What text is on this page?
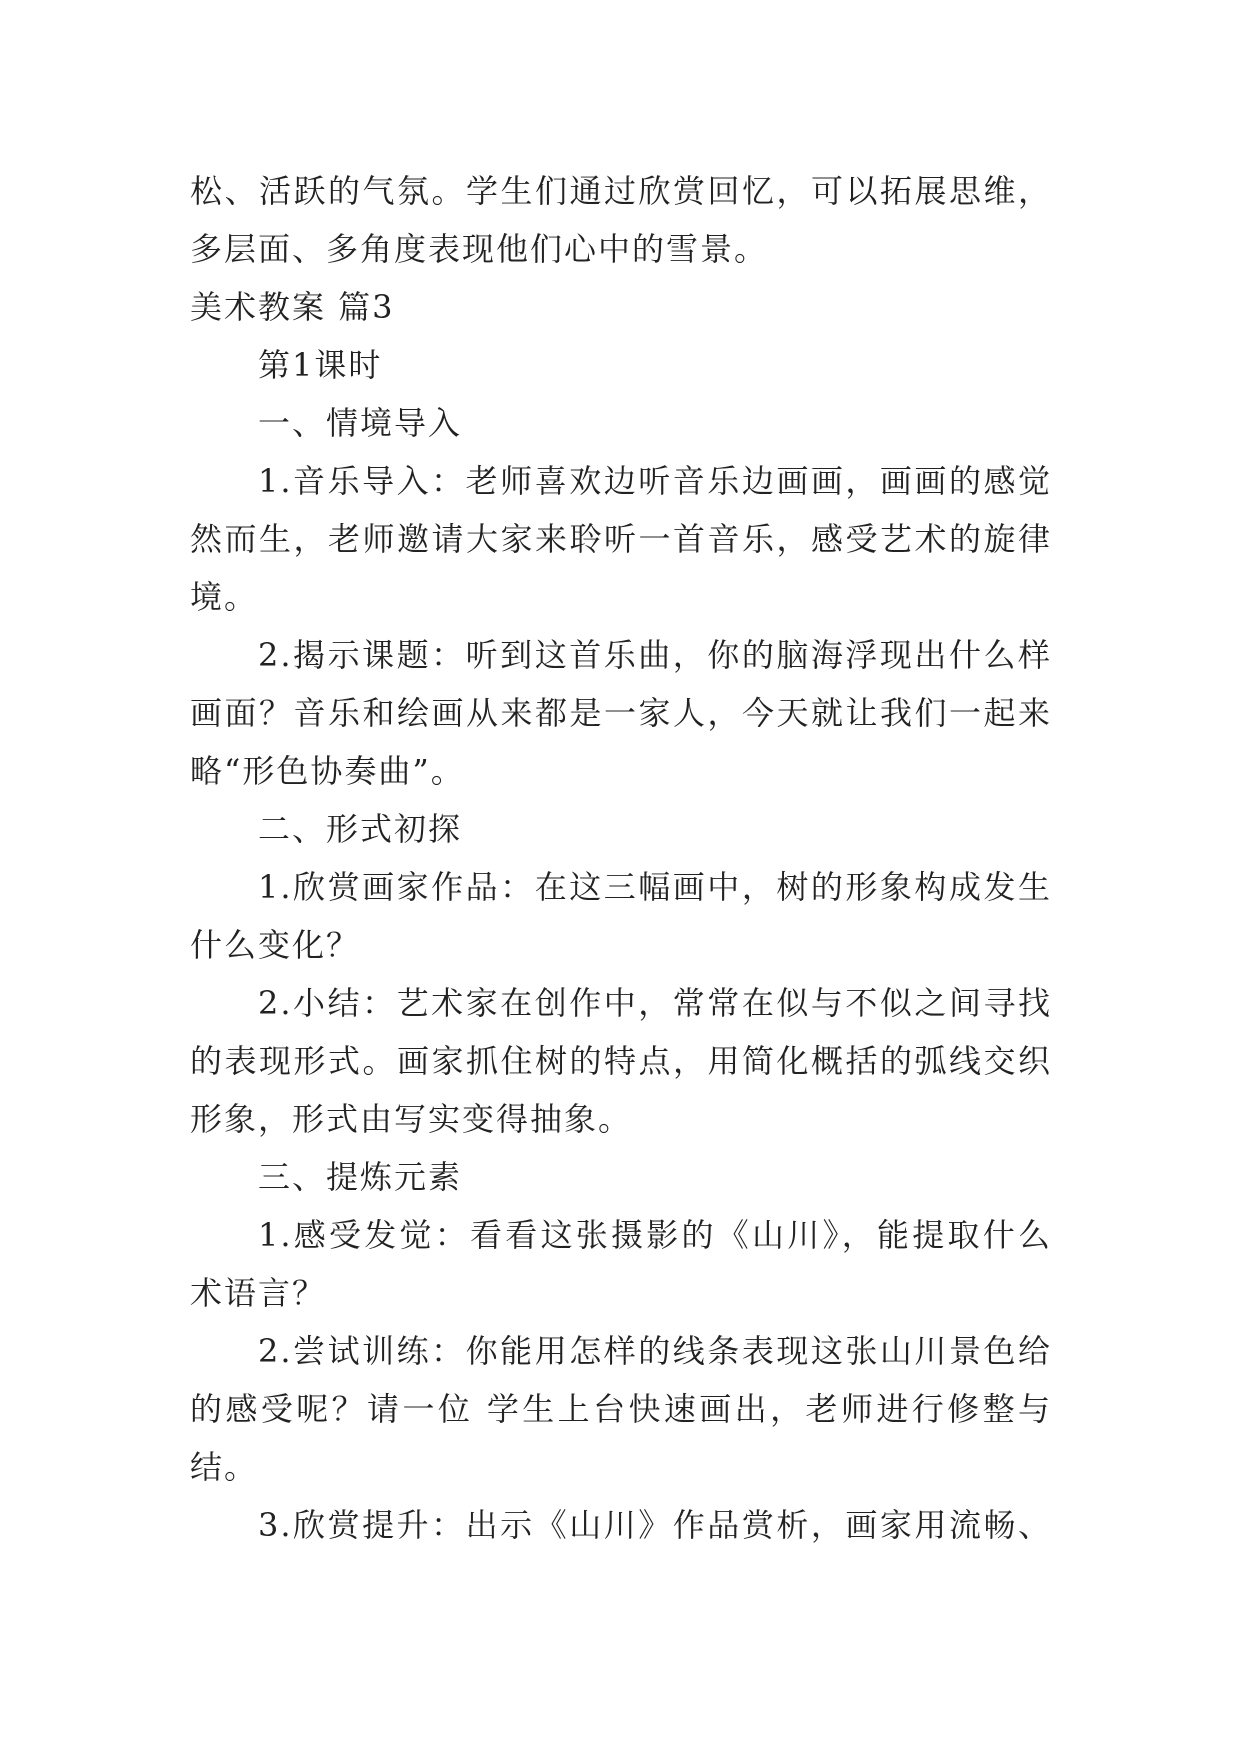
松、活跃的气氛。学生们通过欣赏回忆，可以拓展思维，
多层面、多角度表现他们心中的雪景。
美术教案 篇3
第1课时
一、情境导入
1.音乐导入：老师喜欢边听音乐边画画，画画的感觉
然而生，老师邀请大家来聆听一首音乐，感受艺术的旋律
境。
2.揭示课题：听到这首乐曲，你的脑海浮现出什么样
画面？音乐和绘画从来都是一家人，今天就让我们一起来
略“形色协奏曲”。
二、形式初探
1.欣赏画家作品：在这三幅画中，树的形象构成发生
什么变化？
2.小结：艺术家在创作中，常常在似与不似之间寻找
的表现形式。画家抓住树的特点，用简化概括的弧线交织
形象，形式由写实变得抽象。
三、提炼元素
1.感受发觉：看看这张摄影的《山川》，能提取什么
术语言？
2.尝试训练：你能用怎样的线条表现这张山川景色给
的感受呢？请一位 学生上台快速画出，老师进行修整与
结。
3.欣赏提升：出示《山川》作品赏析，画家用流畅、
